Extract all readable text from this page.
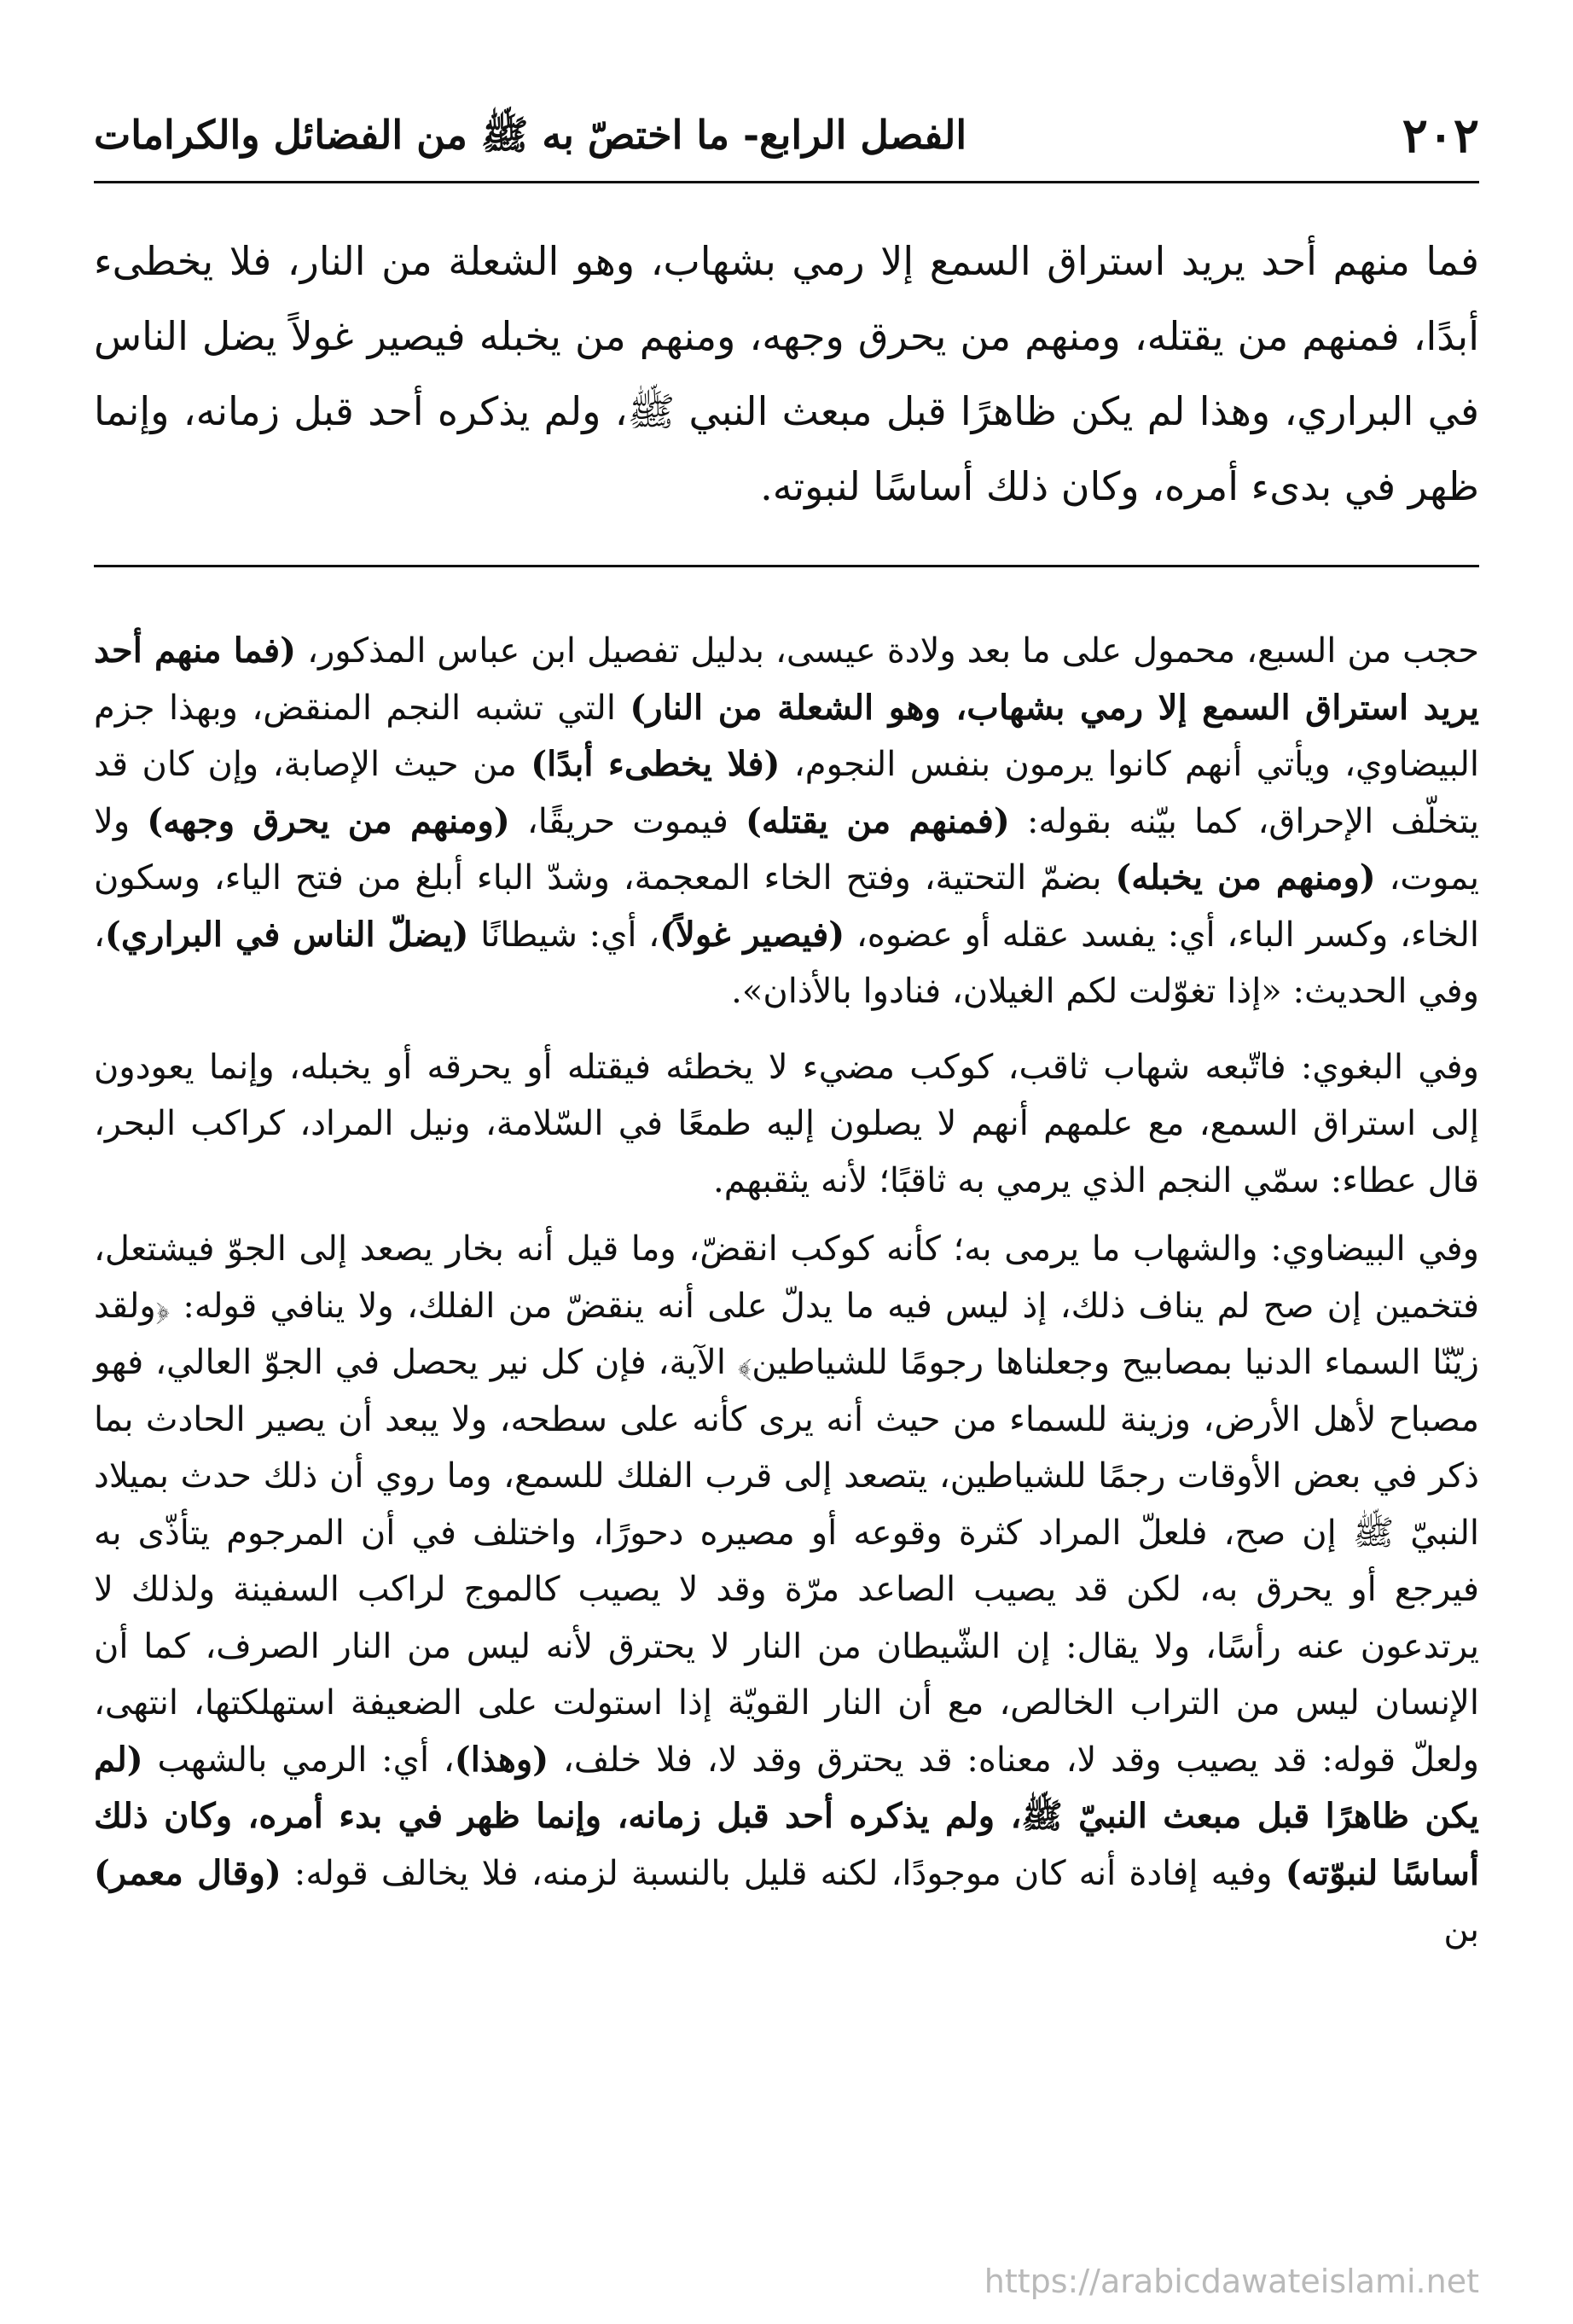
٢٠٢
الفصل الرابع- ما اختصّ به ﷺ من الفضائل والكرامات

فما منهم أحد يريد استراق السمع إلا رمي بشهاب، وهو الشعلة من النار، فلا يخطىء أبدًا، فمنهم من يقتله، ومنهم من يحرق وجهه، ومنهم من يخبله فيصير غولاً يضل الناس في البراري، وهذا لم يكن ظاهرًا قبل مبعث النبي ﷺ، ولم يذكره أحد قبل زمانه، وإنما ظهر في بدىء أمره، وكان ذلك أساسًا لنبوته.

حجب من السبع، محمول على ما بعد ولادة عيسى، بدليل تفصيل ابن عباس المذكور، (فما منهم أحد يريد استراق السمع إلا رمي بشهاب، وهو الشعلة من النار) التي تشبه النجم المنقض، وبهذا جزم البيضاوي، ويأتي أنهم كانوا يرمون بنفس النجوم، (فلا يخطىء أبدًا) من حيث الإصابة، وإن كان قد يتخلّف الإحراق، كما بيّنه بقوله: (فمنهم من يقتله) فيموت حريقًا، (ومنهم من يحرق وجهه) ولا يموت، (ومنهم من يخبله) بضمّ التحتية، وفتح الخاء المعجمة، وشدّ الباء أبلغ من فتح الياء، وسكون الخاء، وكسر الباء، أي: يفسد عقله أو عضوه، (فيصير غولاً)، أي: شيطانًا (يضلّ الناس في البراري)، وفي الحديث: «إذا تغوّلت لكم الغيلان، فنادوا بالأذان».

وفي البغوي: فاتّبعه شهاب ثاقب، كوكب مضيء لا يخطئه فيقتله أو يحرقه أو يخبله، وإنما يعودون إلى استراق السمع، مع علمهم أنهم لا يصلون إليه طمعًا في السّلامة، ونيل المراد، كراكب البحر، قال عطاء: سمّي النجم الذي يرمي به ثاقبًا؛ لأنه يثقبهم.

وفي البيضاوي: والشهاب ما يرمى به؛ كأنه كوكب انقضّ، وما قيل أنه بخار يصعد إلى الجوّ فيشتعل، فتخمين إن صح لم يناف ذلك، إذ ليس فيه ما يدلّ على أنه ينقضّ من الفلك، ولا ينافي قوله: ﴿ولقد زيّنّا السماء الدنيا بمصابيح وجعلناها رجومًا للشياطين﴾ الآية، فإن كل نير يحصل في الجوّ العالي، فهو مصباح لأهل الأرض، وزينة للسماء من حيث أنه يرى كأنه على سطحه، ولا يبعد أن يصير الحادث بما ذكر في بعض الأوقات رجمًا للشياطين، يتصعد إلى قرب الفلك للسمع، وما روي أن ذلك حدث بميلاد النبيّ ﷺ إن صح، فلعلّ المراد كثرة وقوعه أو مصيره دحورًا، واختلف في أن المرجوم يتأذّى به فيرجع أو يحرق به، لكن قد يصيب الصاعد مرّة وقد لا يصيب كالموج لراكب السفينة ولذلك لا يرتدعون عنه رأسًا، ولا يقال: إن الشّيطان من النار لا يحترق لأنه ليس من النار الصرف، كما أن الإنسان ليس من التراب الخالص، مع أن النار القويّة إذا استولت على الضعيفة استهلكتها، انتهى، ولعلّ قوله: قد يصيب وقد لا، معناه: قد يحترق وقد لا، فلا خلف، (وهذا)، أي: الرمي بالشهب (لم يكن ظاهرًا قبل مبعث النبيّ ﷺ، ولم يذكره أحد قبل زمانه، وإنما ظهر في بدء أمره، وكان ذلك أساسًا لنبوّته) وفيه إفادة أنه كان موجودًا، لكنه قليل بالنسبة لزمنه، فلا يخالف قوله: (وقال معمر) بن

https://arabicdawateislami.net
